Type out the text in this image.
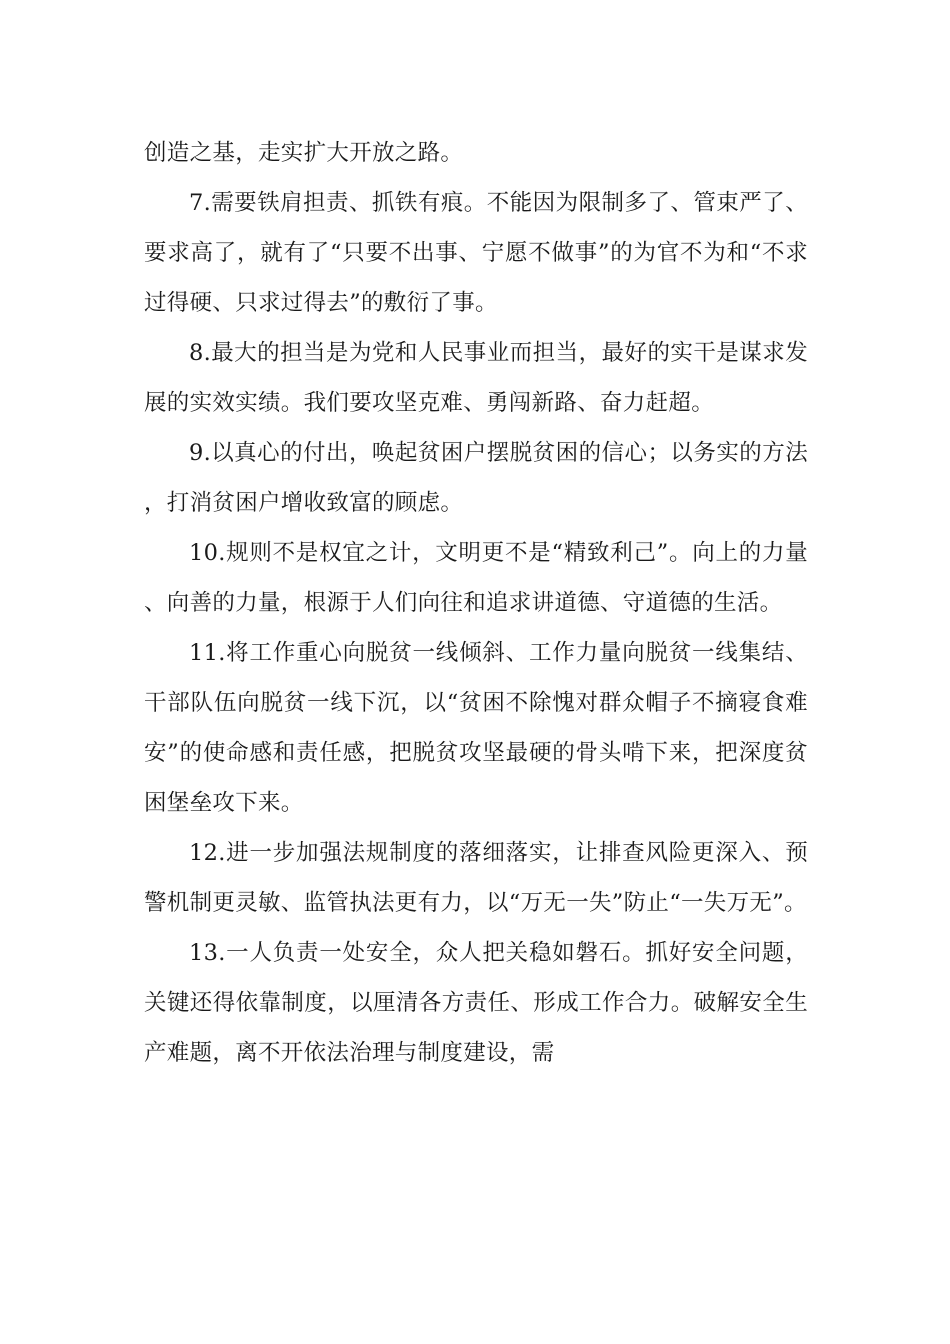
创造之基，走实扩大开放之路。

7.需要铁肩担责、抓铁有痕。不能因为限制多了、管束严了、要求高了，就有了“只要不出事、宁愿不做事”的为官不为和“不求过得硬、只求过得去”的敷衍了事。

8.最大的担当是为党和人民事业而担当，最好的实干是谋求发展的实效实绩。我们要攻坚克难、勇闯新路、奋力赶超。

9.以真心的付出，唤起贫困户摆脱贫困的信心；以务实的方法，打消贫困户增收致富的顾虑。

10.规则不是权宜之计，文明更不是“精致利己”。向上的力量、向善的力量，根源于人们向往和追求讲道德、守道德的生活。

11.将工作重心向脱贫一线倾斜、工作力量向脱贫一线集结、干部队伍向脱贫一线下沉，以“贫困不除愧对群众帽子不摘寝食难安”的使命感和责任感，把脱贫攻坚最硬的骨头啃下来，把深度贫困堡垒攻下来。

12.进一步加强法规制度的落细落实，让排查风险更深入、预警机制更灵敏、监管执法更有力，以“万无一失”防止“一失万无”。

13.一人负责一处安全，众人把关稳如磐石。抓好安全问题，关键还得依靠制度，以厘清各方责任、形成工作合力。破解安全生产难题，离不开依法治理与制度建设，需
